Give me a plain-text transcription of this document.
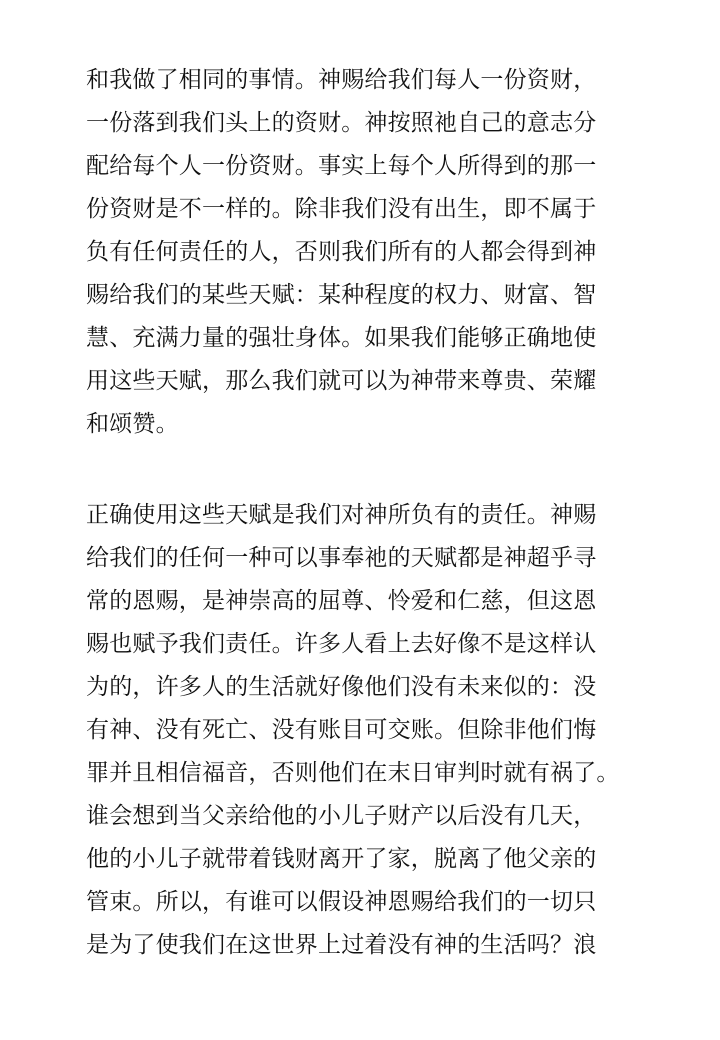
和我做了相同的事情。神赐给我们每人一份资财，
一份落到我们头上的资财。神按照祂自己的意志分
配给每个人一份资财。事实上每个人所得到的那一
份资财是不一样的。除非我们没有出生，即不属于
负有任何责任的人，否则我们所有的人都会得到神
赐给我们的某些天赋：某种程度的权力、财富、智
慧、充满力量的强壮身体。如果我们能够正确地使
用这些天赋，那么我们就可以为神带来尊贵、荣耀
和颂赞。
正确使用这些天赋是我们对神所负有的责任。神赐
给我们的任何一种可以事奉祂的天赋都是神超乎寻
常的恩赐，是神崇高的屈尊、怜爱和仁慈，但这恩
赐也赋予我们责任。许多人看上去好像不是这样认
为的，许多人的生活就好像他们没有未来似的：没
有神、没有死亡、没有账目可交账。但除非他们悔
罪并且相信福音，否则他们在末日审判时就有祸了。
谁会想到当父亲给他的小儿子财产以后没有几天，
他的小儿子就带着钱财离开了家，脱离了他父亲的
管束。所以，有谁可以假设神恩赐给我们的一切只
是为了使我们在这世界上过着没有神的生活吗？浪
